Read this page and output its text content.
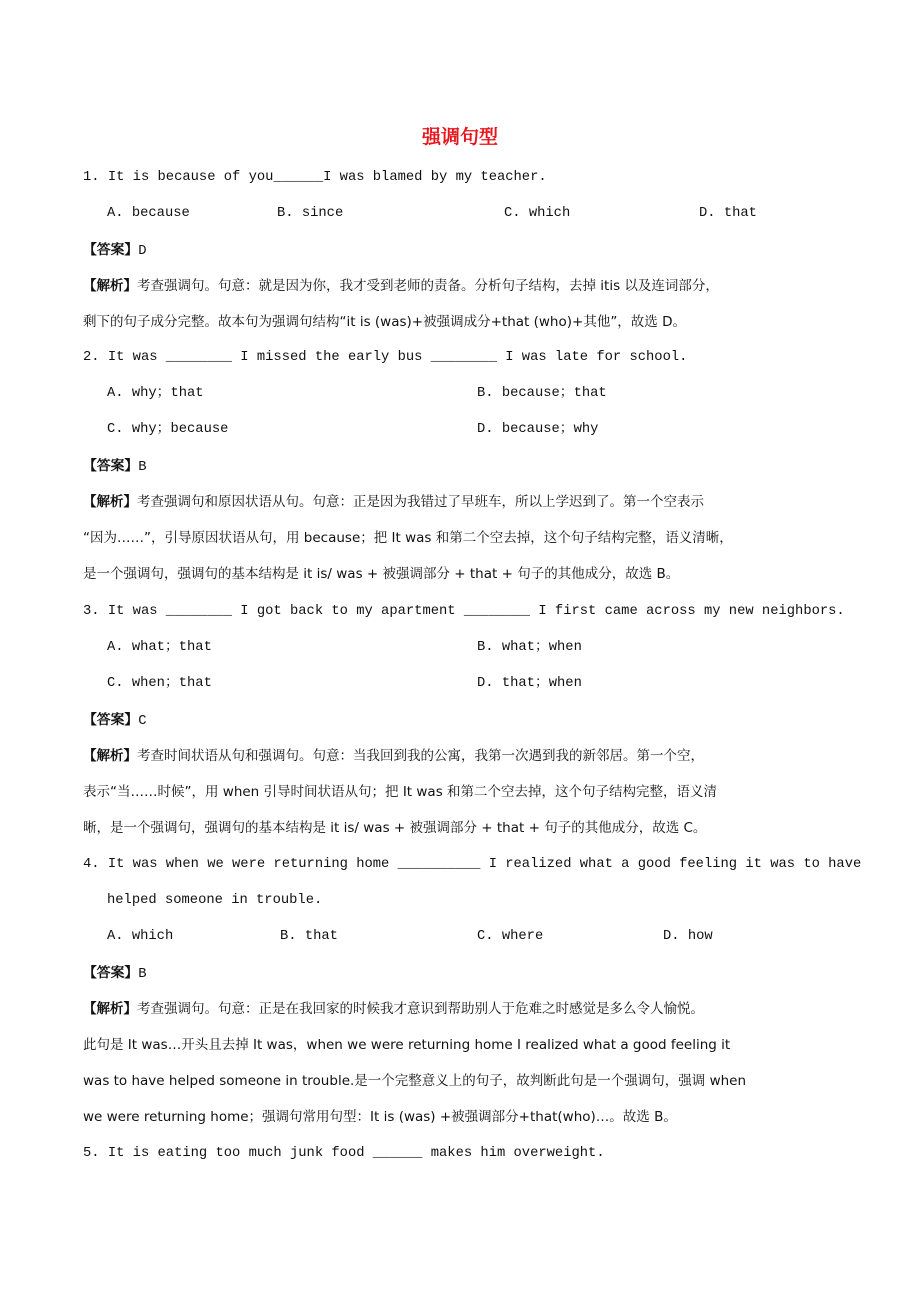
强调句型
1. It is because of you______I was blamed by my teacher.
A. because	B. since	C. which	D. that
【答案】D
【解析】考查强调句。句意：就是因为你，我才受到老师的责备。分析句子结构，去掉 itis 以及连词部分，
剩下的句子成分完整。故本句为强调句结构“it is (was)+被强调成分+that (who)+其他”，故选 D。
2. It was ________ I missed the early bus ________ I was late for school.
A. why；that	B. because；that
C. why；because	D. because；why
【答案】B
【解析】考查强调句和原因状语从句。句意：正是因为我错过了早班车，所以上学迟到了。第一个空表示
“因为……”，引导原因状语从句，用 because；把 It was 和第二个空去掉，这个句子结构完整，语义清晰，
是一个强调句，强调句的基本结构是 it is/ was + 被强调部分 + that + 句子的其他成分，故选 B。
3. It was ________ I got back to my apartment ________ I first came across my new neighbors.
A. what；that	B. what；when
C. when；that	D. that；when
【答案】C
【解析】考查时间状语从句和强调句。句意：当我回到我的公寓，我第一次遇到我的新邻居。第一个空，
表示“当……时候”，用 when 引导时间状语从句；把 It was 和第二个空去掉，这个句子结构完整，语义清
晰，是一个强调句，强调句的基本结构是 it is/ was + 被强调部分 + that + 句子的其他成分，故选 C。
4. It was when we were returning home __________ I realized what a good feeling it was to have
helped someone in trouble.
A. which	B. that	C. where	D. how
【答案】B
【解析】考查强调句。句意：正是在我回家的时候我才意识到帮助别人于危难之时感觉是多么令人愉悦。
此句是 It was…开头且去掉 It was，when we were returning home I realized what a good feeling it
was to have helped someone in trouble.是一个完整意义上的句子，故判断此句是一个强调句，强调 when
we were returning home；强调句常用句型：It is (was) +被强调部分+that(who)…。故选 B。
5. It is eating too much junk food ______ makes him overweight.
